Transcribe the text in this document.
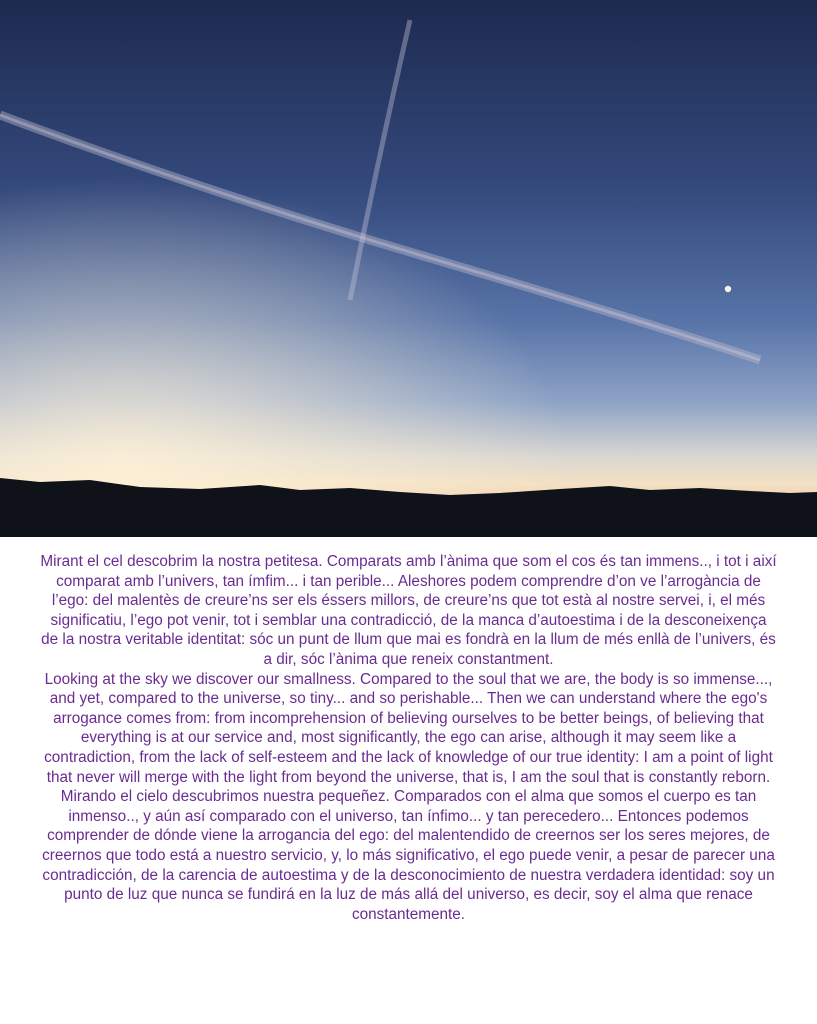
Mirant el cel descobrim la nostra petitesa. Comparats amb l’ànima que som el cos és tan immens.., i tot i així comparat amb l’univers, tan ímfim... i tan perible... Aleshores podem comprendre d’on ve l’arrogància de l’ego: del malentès de creure’ns ser els éssers millors, de creure’ns que tot està al nostre servei, i, el més significatiu, l’ego pot venir, tot i semblar una contradicció, de la manca d’autoestima i de la desconeixença de la nostra veritable identitat: sóc un punt de llum que mai es fondrà en la llum de més enllà de l’univers, és a dir, sóc l’ànima que reneix constantment.

Looking at the sky we discover our smallness. Compared to the soul that we are, the body is so immense..., and yet, compared to the universe, so tiny... and so perishable... Then we can understand where the ego's arrogance comes from: from incomprehension of believing ourselves to be better beings, of believing that everything is at our service and, most significantly, the ego can arise, although it may seem like a contradiction, from the lack of self-esteem and the lack of knowledge of our true identity: I am a point of light that never will merge with the light from beyond the universe, that is, I am the soul that is constantly reborn.

Mirando el cielo descubrimos nuestra pequeñez. Comparados con el alma que somos el cuerpo es tan inmenso.., y aún así comparado con el universo, tan ínfimo... y tan perecedero... Entonces podemos comprender de dónde viene la arrogancia del ego: del malentendido de creernos ser los seres mejores, de creernos que todo está a nuestro servicio, y, lo más significativo, el ego puede venir, a pesar de parecer una contradicción, de la carencia de autoestima y de la desconocimiento de nuestra verdadera identidad: soy un punto de luz que nunca se fundirá en la luz de más allá del universo, es decir, soy el alma que renace constantemente.
